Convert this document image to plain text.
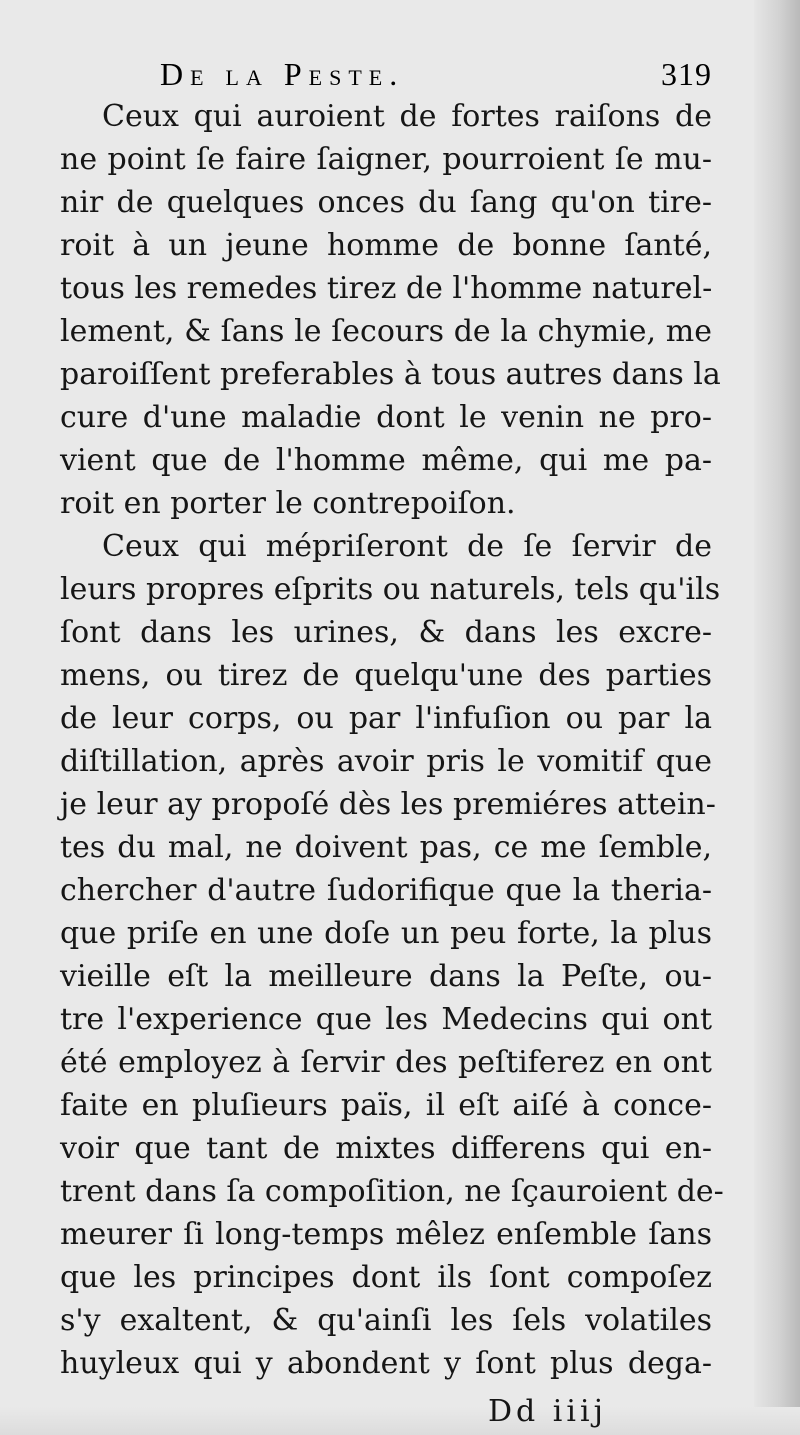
De la Peste.	319
Ceux qui auroient de fortes raiſons de
ne point ſe faire ſaigner, pourroient ſe mu-
nir de quelques onces du ſang qu'on tire-
roit à un jeune homme de bonne ſanté,
tous les remedes tirez de l'homme naturel-
lement, & ſans le ſecours de la chymie, me
paroiſſent preferables à tous autres dans la
cure d'une maladie dont le venin ne pro-
vient que de l'homme même, qui me pa-
roit en porter le contrepoiſon.
Ceux qui mépriſeront de ſe ſervir de
leurs propres eſprits ou naturels, tels qu'ils
ſont dans les urines, & dans les excre-
mens, ou tirez de quelqu'une des parties
de leur corps, ou par l'infuſion ou par la
diſtillation, après avoir pris le vomitif que
je leur ay propoſé dès les premiéres attein-
tes du mal, ne doivent pas, ce me ſemble,
chercher d'autre ſudorifique que la theria-
que priſe en une doſe un peu forte, la plus
vieille eſt la meilleure dans la Peſte, ou-
tre l'experience que les Medecins qui ont
été employez à ſervir des peſtiferez en ont
faite en pluſieurs païs, il eſt aiſé à conce-
voir que tant de mixtes differens qui en-
trent dans ſa compoſition, ne ſçauroient de-
meurer ſi long-temps mêlez enſemble ſans
que les principes dont ils ſont compoſez
s'y exaltent, & qu'ainſi les ſels volatiles
huyleux qui y abondent y ſont plus dega-
Dd iiij
